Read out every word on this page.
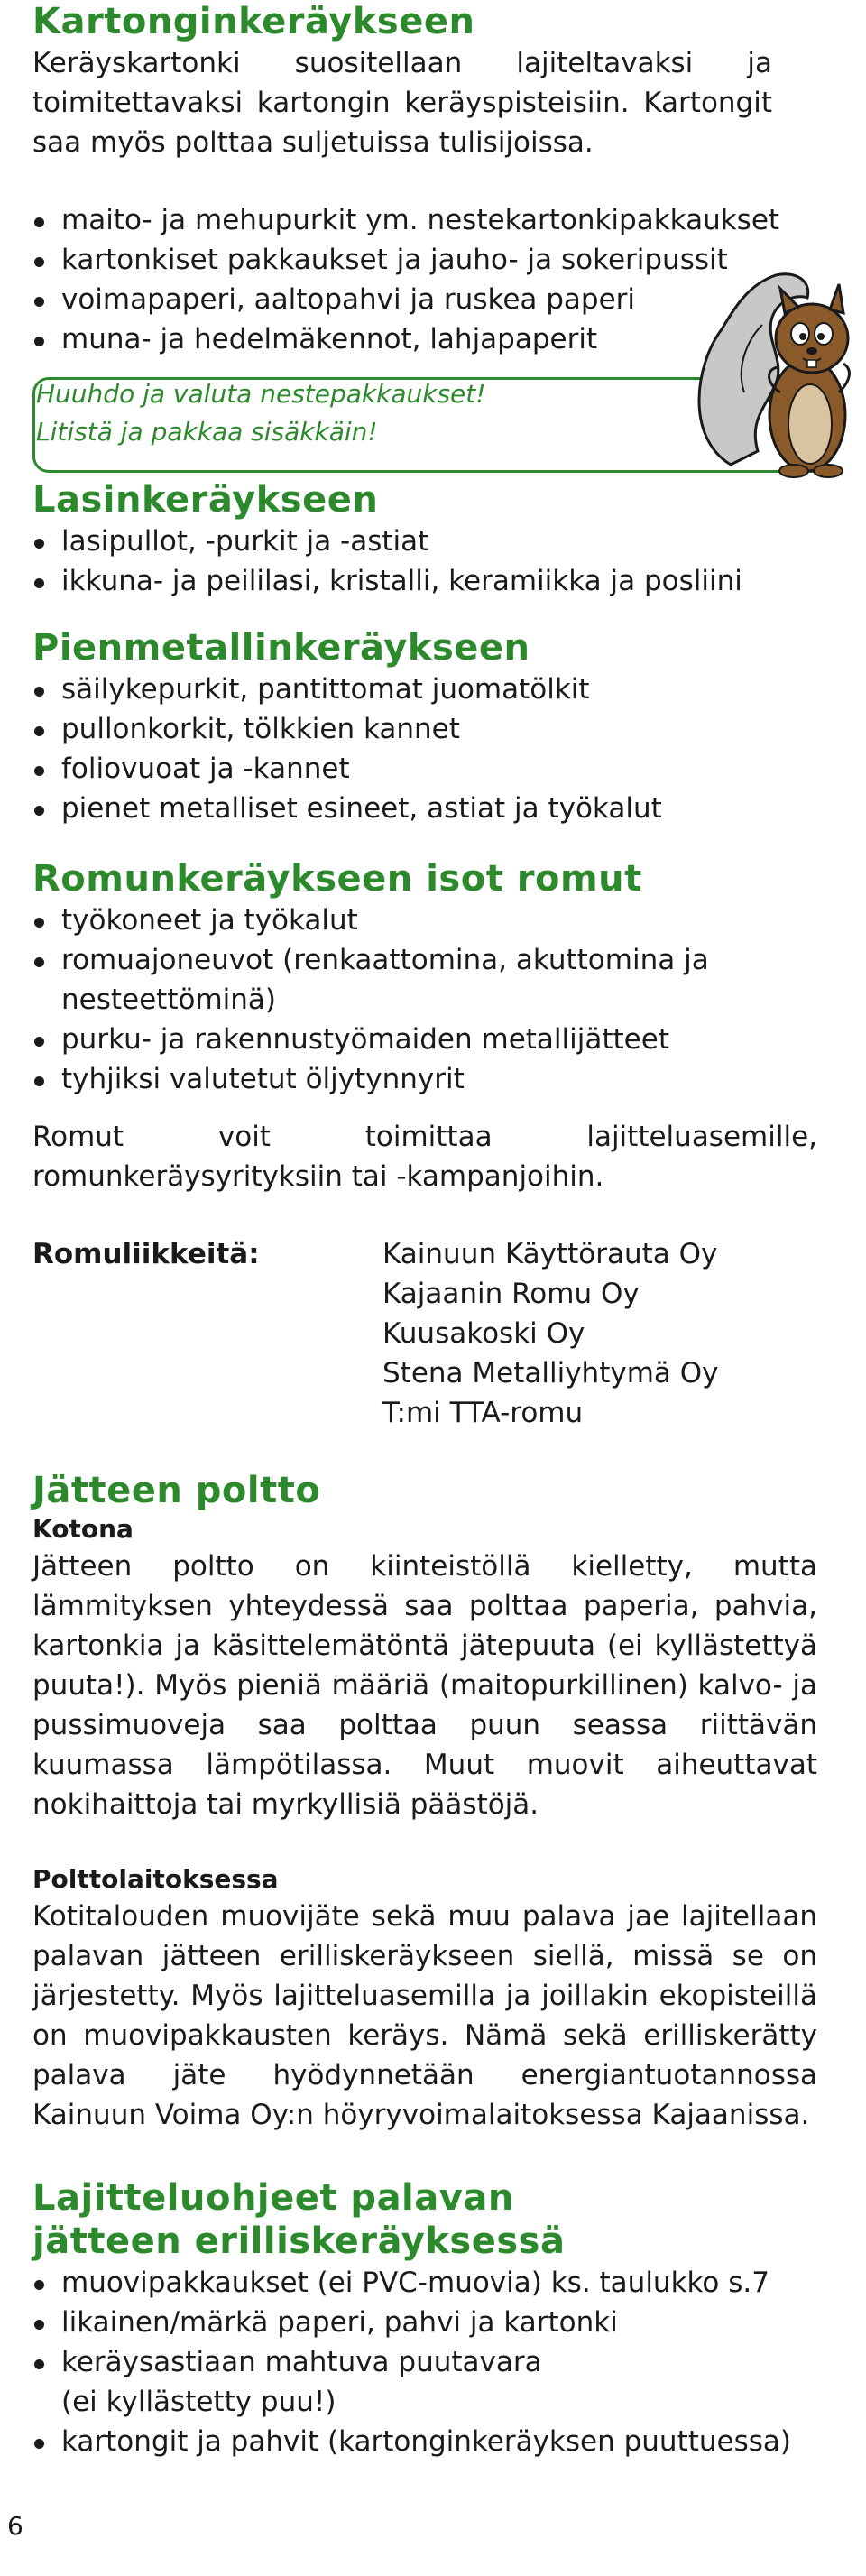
Kartonginkeräykseen

Keräyskartonki suositellaan lajiteltavaksi ja toimitettavaksi kartongin keräyspisteisiin. Kartongit saa myös polttaa suljetuissa tulisijoissa.

maito- ja mehupurkit ym. nestekartonkipakkaukset
kartonkiset pakkaukset ja jauho- ja sokeripussit
voimapaperi, aaltopahvi ja ruskea paperi
muna- ja hedelmäkennot, lahjapaperit
Huuhdo ja valuta nestepakkaukset!
Litistä ja pakkaa sisäkkäin!
Lasinkeräykseen
lasipullot, -purkit ja -astiat
ikkuna- ja peililasi, kristalli, keramiikka ja posliini
Pienmetallinkeräykseen
säilykepurkit, pantittomat juomatölkit
pullonkorkit, tölkkien kannet
foliovuoat ja -kannet
pienet metalliset esineet, astiat ja työkalut
Romunkeräykseen isot romut
työkoneet ja työkalut
romuajoneuvot (renkaattomina, akuttomina ja nesteettöminä)
purku- ja rakennustyömaiden metallijätteet
tyhjiksi valutetut öljytynnyrit

Romut voit toimittaa lajitteluasemille, romunkeräysyrityksiin tai -kampanjoihin.

Romuliikkeitä:	Kainuun Käyttörauta Oy
Kajaanin Romu Oy
Kuusakoski Oy
Stena Metalliyhtymä Oy
T:mi TTA-romu
Jätteen poltto
Kotona

Jätteen poltto on kiinteistöllä kielletty, mutta lämmityksen yhteydessä saa polttaa paperia, pahvia, kartonkia ja käsittelemätöntä jätepuuta (ei kyllästettyä puuta!). Myös pieniä määriä (maitopurkillinen) kalvo- ja pussimuoveja saa polttaa puun seassa riittävän kuumassa lämpötilassa. Muut muovit aiheuttavat nokihaittoja tai myrkyllisiä päästöjä.

Polttolaitoksessa

Kotitalouden muovijäte sekä muu palava jae lajitellaan palavan jätteen erilliskeräykseen siellä, missä se on järjestetty. Myös lajitteluasemilla ja joillakin ekopisteillä on muovipakkausten keräys. Nämä sekä erilliskerätty palava jäte hyödynnetään energiantuotannossa Kainuun Voima Oy:n höyryvoimalaitoksessa Kajaanissa.

Lajitteluohjeet palavan
jätteen erilliskeräyksessä
muovipakkaukset (ei PVC-muovia) ks. taulukko s.7
likainen/märkä paperi, pahvi ja kartonki
keräysastiaan mahtuva puutavara
(ei kyllästetty puu!)
kartongit ja pahvit (kartonginkeräyksen puuttuessa)
6
